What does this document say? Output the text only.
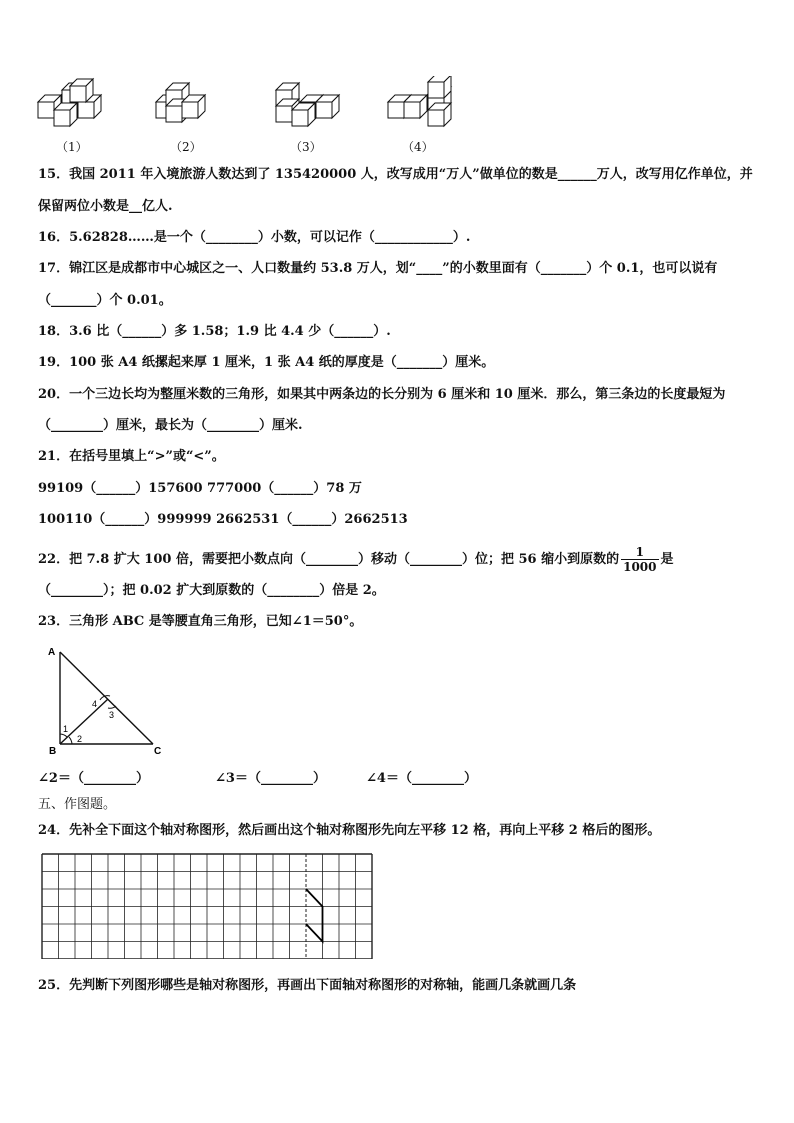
（1）	（2）	（3）	（4）
15．我国 2011 年入境旅游人数达到了 135420000 人，改写成用“万人”做单位的数是______万人，改写用亿作单位，并
保留两位小数是__亿人.
16．5.62828……是一个（________）小数，可以记作（____________）.
17．锦江区是成都市中心城区之一、人口数量约 53.8 万人，划“____”的小数里面有（_______）个 0.1，也可以说有
（_______）个 0.01。
18．3.6 比（______）多 1.58；1.9 比 4.4 少（______）.
19．100 张 A4 纸摞起来厚 1 厘米，1 张 A4 纸的厚度是（_______）厘米。
20．一个三边长均为整厘米数的三角形，如果其中两条边的长分别为 6 厘米和 10 厘米．那么，第三条边的长度最短为
（________）厘米，最长为（________）厘米.
21．在括号里填上“>”或“<”。
99109（______）157600 777000（______）78 万
100110（______）999999 2662531（______）2662513
22．把 7.8 扩大 100 倍，需要把小数点向（________）移动（________）位；把 56 缩小到原数的 $\frac{1}{1000}$ 是
（________）；把 0.02 扩大到原数的（________）倍是 2。
23．三角形 ABC 是等腰直角三角形，已知∠1＝50°。
A
B	C
1
2
3
4
∠2＝（________）	∠3＝（________）	∠4＝（________）
五、作图题。
24．先补全下面这个轴对称图形，然后画出这个轴对称图形先向左平移 12 格，再向上平移 2 格后的图形。
25．先判断下列图形哪些是轴对称图形，再画出下面轴对称图形的对称轴，能画几条就画几条
